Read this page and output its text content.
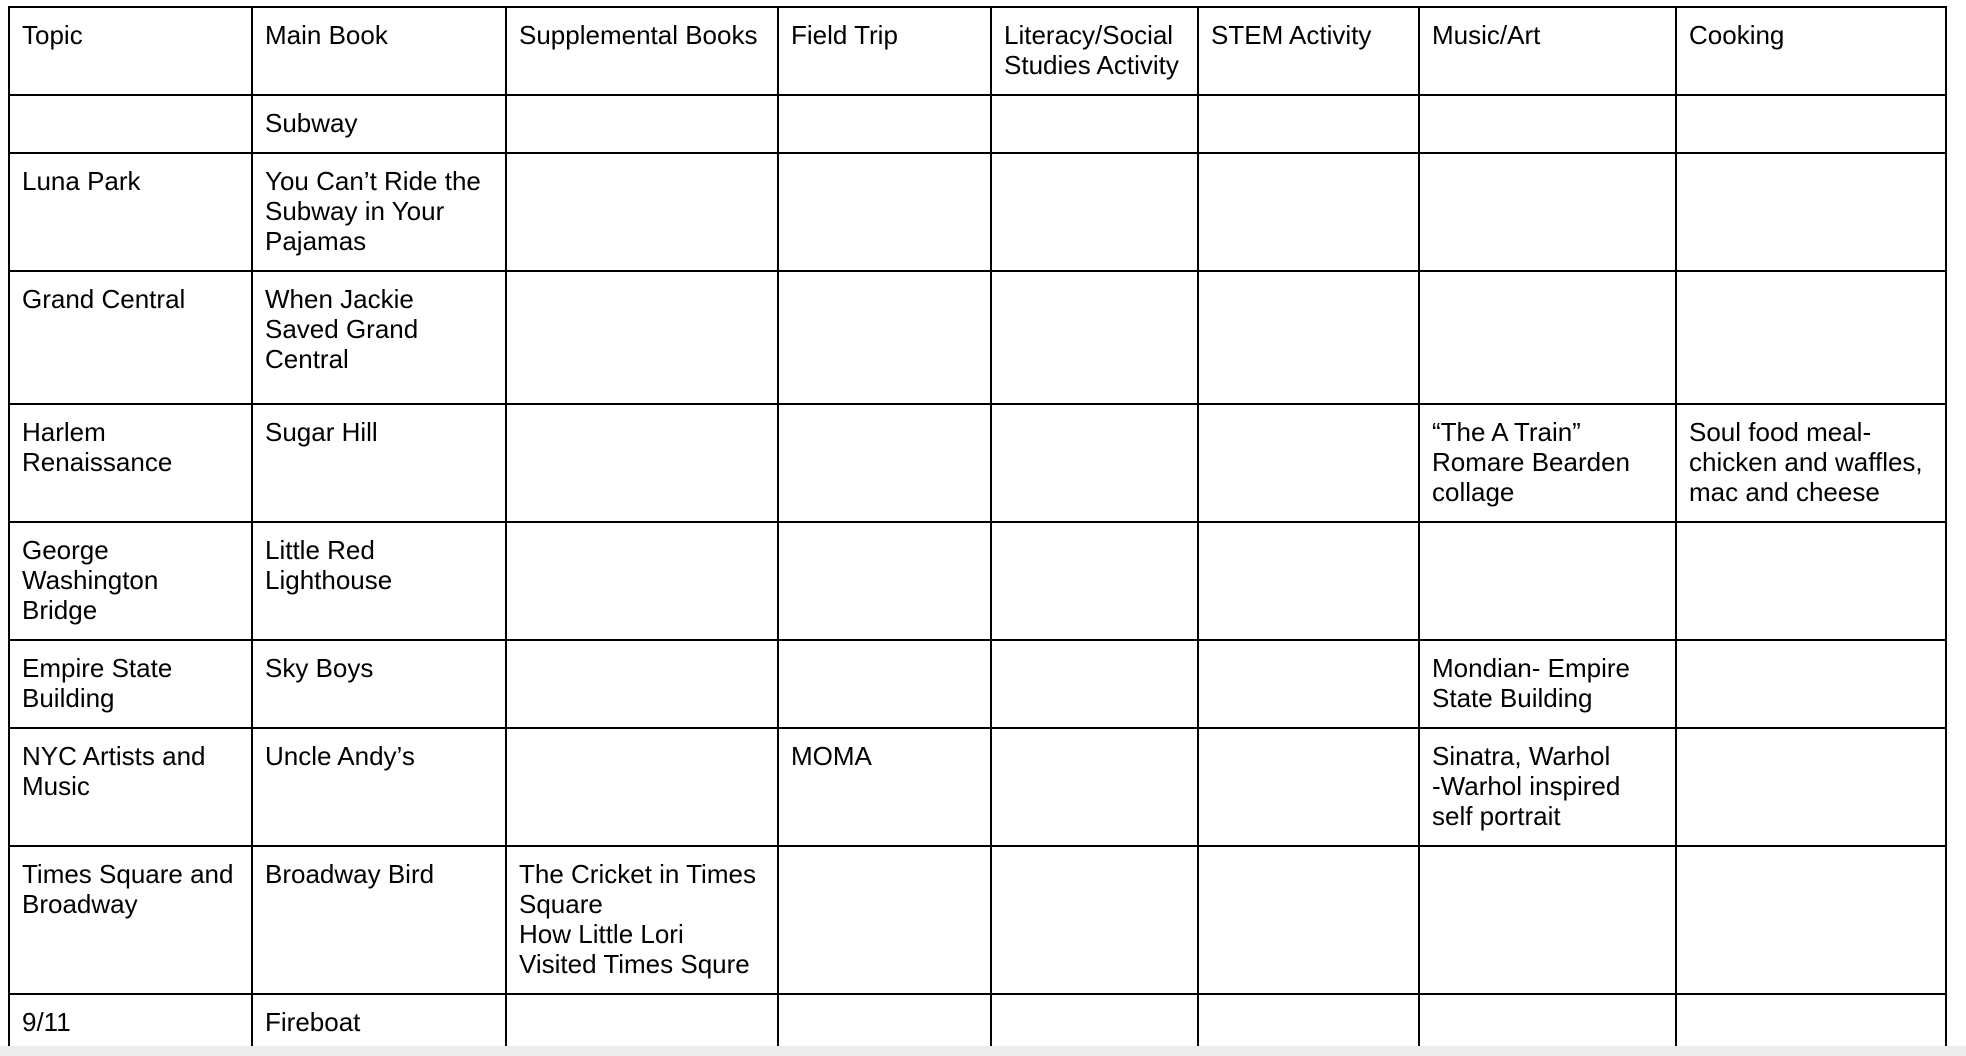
Topic	Main Book	Supplemental Books	Field Trip	Literacy/Social
Studies Activity	STEM Activity	Music/Art	Cooking

	Subway						

Luna Park	You Can’t Ride the
Subway in Your
Pajamas						

Grand Central	When Jackie
Saved Grand
Central						

Harlem
Renaissance	Sugar Hill					“The A Train”
Romare Bearden
collage	Soul food meal-
chicken and waffles,
mac and cheese

George
Washington
Bridge	Little Red
Lighthouse						

Empire State
Building	Sky Boys					Mondian- Empire
State Building	

NYC Artists and
Music	Uncle Andy’s		MOMA			Sinatra, Warhol
-Warhol inspired
self portrait	

Times Square and
Broadway	Broadway Bird	The Cricket in Times
Square
How Little Lori
Visited Times Squre					

9/11	Fireboat						
